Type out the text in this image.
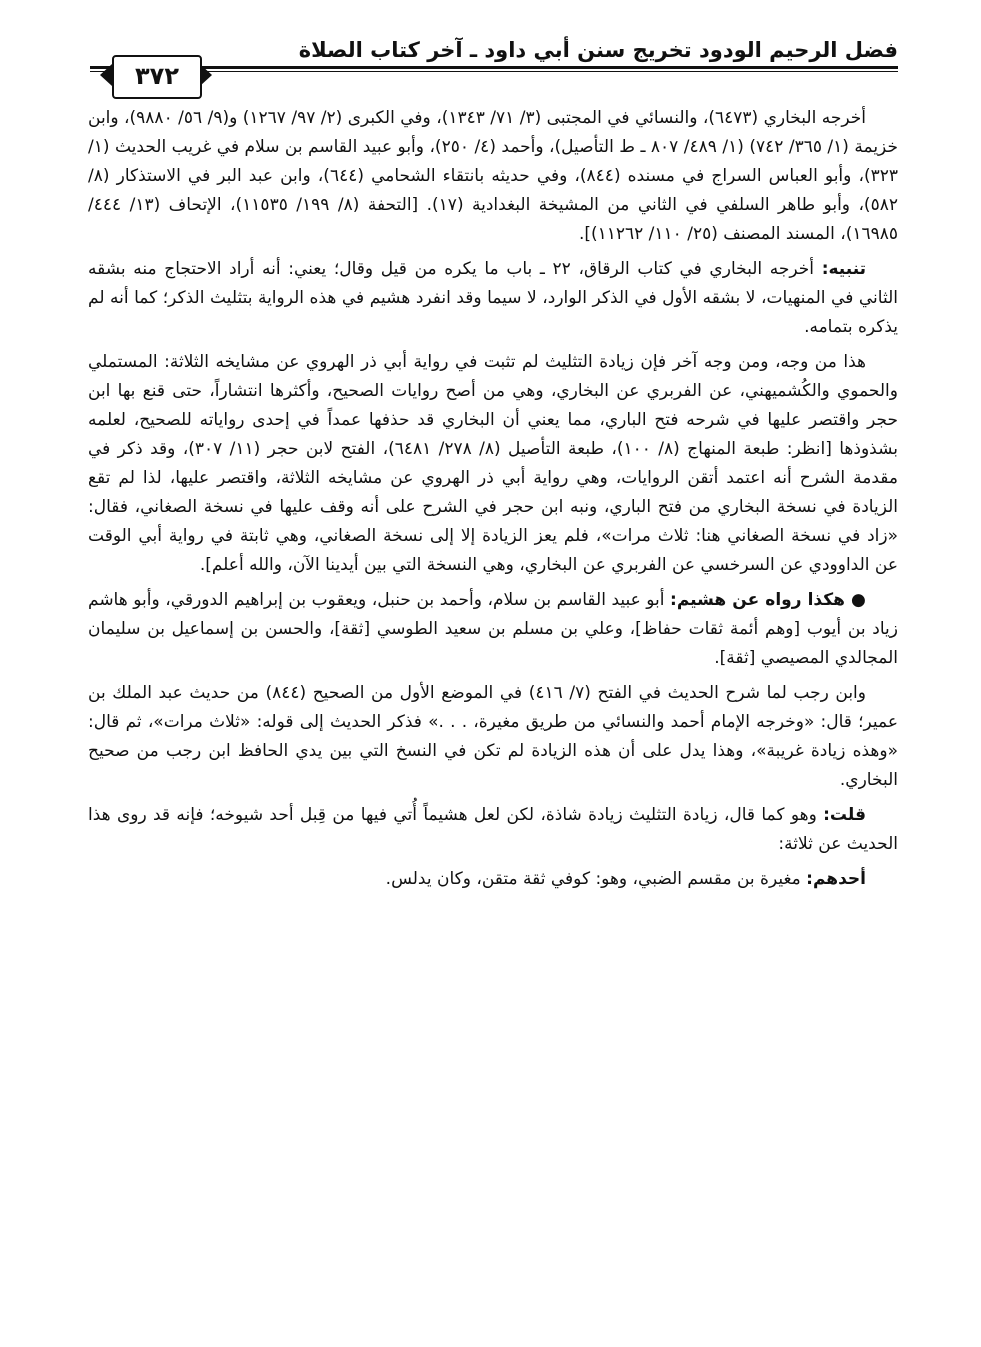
فضل الرحيم الودود تخريج سنن أبي داود ـ آخر كتاب الصلاة
٣٧٢

أخرجه البخاري (٦٤٧٣)، والنسائي في المجتبى (٣/ ٧١/ ١٣٤٣)، وفي الكبرى (٢/ ٩٧/ ١٢٦٧) و(٩/ ٥٦/ ٩٨٨٠)، وابن خزيمة (١/ ٣٦٥/ ٧٤٢) (١/ ٤٨٩/ ٨٠٧ ـ ط التأصيل)، وأحمد (٤/ ٢٥٠)، وأبو عبيد القاسم بن سلام في غريب الحديث (١/ ٣٢٣)، وأبو العباس السراج في مسنده (٨٤٤)، وفي حديثه بانتقاء الشحامي (٦٤٤)، وابن عبد البر في الاستذكار (٨/ ٥٨٢)، وأبو طاهر السلفي في الثاني من المشيخة البغدادية (١٧). [التحفة (٨/ ١٩٩/ ١١٥٣٥)، الإتحاف (١٣/ ٤٤٤/ ١٦٩٨٥)، المسند المصنف (٢٥/ ١١٠/ ١١٢٦٢)].

تنبيه: أخرجه البخاري في كتاب الرقاق، ٢٢ ـ باب ما يكره من قيل وقال؛ يعني: أنه أراد الاحتجاج منه بشقه الثاني في المنهيات، لا بشقه الأول في الذكر الوارد، لا سيما وقد انفرد هشيم في هذه الرواية بتثليث الذكر؛ كما أنه لم يذكره بتمامه.

هذا من وجه، ومن وجه آخر فإن زيادة التثليث لم تثبت في رواية أبي ذر الهروي عن مشايخه الثلاثة: المستملي والحموي والكُشميهني، عن الفربري عن البخاري، وهي من أصح روايات الصحيح، وأكثرها انتشاراً، حتى قنع بها ابن حجر واقتصر عليها في شرحه فتح الباري، مما يعني أن البخاري قد حذفها عمداً في إحدى رواياته للصحيح، لعلمه بشذوذها [انظر: طبعة المنهاج (٨/ ١٠٠)، طبعة التأصيل (٨/ ٢٧٨/ ٦٤٨١)، الفتح لابن حجر (١١/ ٣٠٧)، وقد ذكر في مقدمة الشرح أنه اعتمد أتقن الروايات، وهي رواية أبي ذر الهروي عن مشايخه الثلاثة، واقتصر عليها، لذا لم تقع الزيادة في نسخة البخاري من فتح الباري، ونبه ابن حجر في الشرح على أنه وقف عليها في نسخة الصغاني، فقال: «زاد في نسخة الصغاني هنا: ثلاث مرات»، فلم يعز الزيادة إلا إلى نسخة الصغاني، وهي ثابتة في رواية أبي الوقت عن الداوودي عن السرخسي عن الفربري عن البخاري، وهي النسخة التي بين أيدينا الآن، والله أعلم].

● هكذا رواه عن هشيم: أبو عبيد القاسم بن سلام، وأحمد بن حنبل، ويعقوب بن إبراهيم الدورقي، وأبو هاشم زياد بن أيوب [وهم أئمة ثقات حفاظ]، وعلي بن مسلم بن سعيد الطوسي [ثقة]، والحسن بن إسماعيل بن سليمان المجالدي المصيصي [ثقة].

وابن رجب لما شرح الحديث في الفتح (٧/ ٤١٦) في الموضع الأول من الصحيح (٨٤٤) من حديث عبد الملك بن عمير؛ قال: «وخرجه الإمام أحمد والنسائي من طريق مغيرة، . . .» فذكر الحديث إلى قوله: «ثلاث مرات»، ثم قال: «وهذه زيادة غريبة»، وهذا يدل على أن هذه الزيادة لم تكن في النسخ التي بين يدي الحافظ ابن رجب من صحيح البخاري.

قلت: وهو كما قال، زيادة التثليث زيادة شاذة، لكن لعل هشيماً أُتي فيها من قِبل أحد شيوخه؛ فإنه قد روى هذا الحديث عن ثلاثة:

أحدهم: مغيرة بن مقسم الضبي، وهو: كوفي ثقة متقن، وكان يدلس.
